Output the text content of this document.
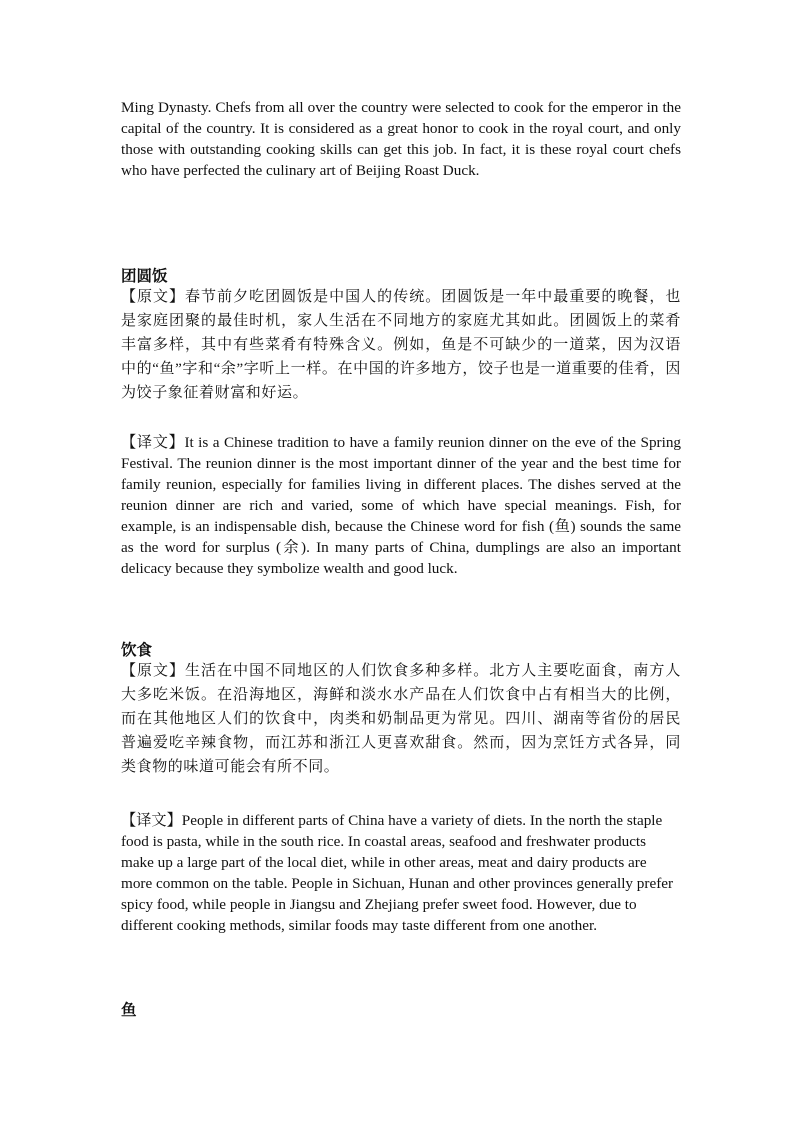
Ming Dynasty. Chefs from all over the country were selected to cook for the emperor in the capital of the country. It is considered as a great honor to cook in the royal court, and only those with outstanding cooking skills can get this job. In fact, it is these royal court chefs who have perfected the culinary art of Beijing Roast Duck.

团圆饭

【原文】春节前夕吃团圆饭是中国人的传统。团圆饭是一年中最重要的晚餐，也是家庭团聚的最佳时机，家人生活在不同地方的家庭尤其如此。团圆饭上的菜肴丰富多样，其中有些菜肴有特殊含义。例如，鱼是不可缺少的一道菜，因为汉语中的“鱼”字和“余”字听上一样。在中国的许多地方，饺子也是一道重要的佳肴，因为饺子象征着财富和好运。

【译文】It is a Chinese tradition to have a family reunion dinner on the eve of the Spring Festival. The reunion dinner is the most important dinner of the year and the best time for family reunion, especially for families living in different places. The dishes served at the reunion dinner are rich and varied, some of which have special meanings. Fish, for example, is an indispensable dish, because the Chinese word for fish (鱼) sounds the same as the word for surplus (余). In many parts of China, dumplings are also an important delicacy because they symbolize wealth and good luck.

饮食

【原文】生活在中国不同地区的人们饮食多种多样。北方人主要吃面食，南方人大多吃米饭。在沿海地区，海鲜和淡水水产品在人们饮食中占有相当大的比例，而在其他地区人们的饮食中，肉类和奶制品更为常见。四川、湖南等省份的居民普遍爱吃辛辣食物，而江苏和浙江人更喜欢甜食。然而，因为烹饪方式各异，同类食物的味道可能会有所不同。

【译文】People in different parts of China have a variety of diets. In the north the staple food is pasta, while in the south rice. In coastal areas, seafood and freshwater products make up a large part of the local diet, while in other areas, meat and dairy products are more common on the table. People in Sichuan, Hunan and other provinces generally prefer spicy food, while people in Jiangsu and Zhejiang prefer sweet food. However, due to different cooking methods, similar foods may taste different from one another.

鱼
